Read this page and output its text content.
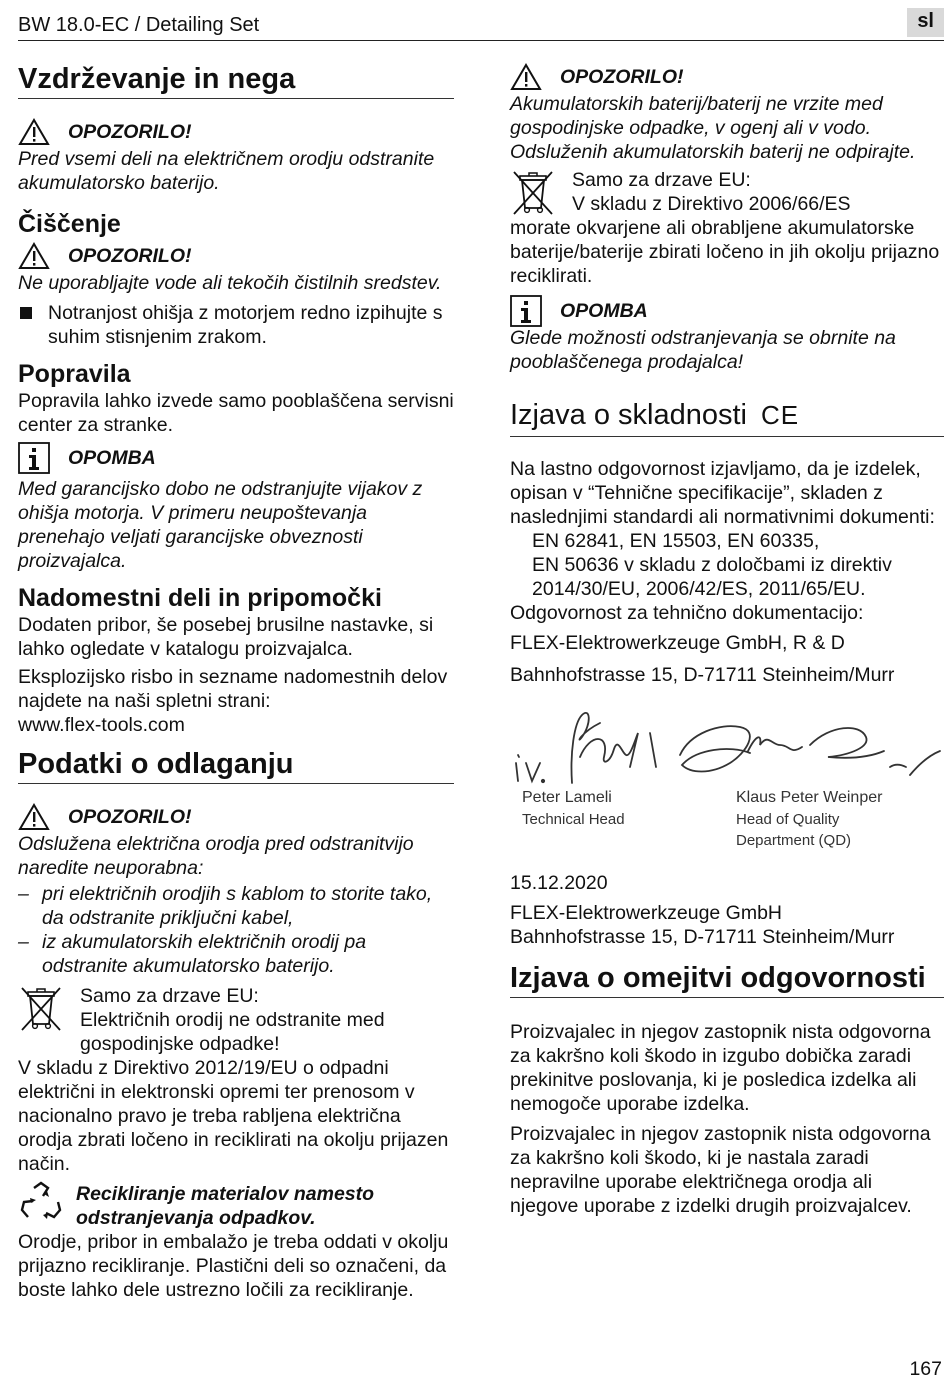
BW 18.0-EC / Detailing Set	sl
Vzdrževanje in nega
OPOZORILO!

Pred vsemi deli na električnem orodju odstranite akumulatorsko baterijo.

Čiščenje
OPOZORILO!

Ne uporabljajte vode ali tekočih čistilnih sredstev.

Notranjost ohišja z motorjem redno izpihujte s suhim stisnjenim zrakom.
Popravila

Popravila lahko izvede samo pooblaščena servisni center za stranke.

OPOMBA

Med garancijsko dobo ne odstranjujte vijakov z ohišja motorja. V primeru neupoštevanja prenehajo veljati garancijske obveznosti proizvajalca.

Nadomestni deli in pripomočki

Dodaten pribor, še posebej brusilne nastavke, si lahko ogledate v katalogu proizvajalca.

Eksplozijsko risbo in sezname nadomestnih delov najdete na naši spletni strani:

www.flex-tools.com

Podatki o odlaganju
OPOZORILO!

Odslužena električna orodja pred odstranitvijo naredite neuporabna:

– pri električnih orodjih s kablom to storite tako, da odstranite priključni kabel,
– iz akumulatorskih električnih orodij pa odstranite akumulatorsko baterijo.
Samo za drzave EU:
Električnih orodij ne odstranite med gospodinjske odpadke!

V skladu z Direktivo 2012/19/EU o odpadni električni in elektronski opremi ter prenosom v nacionalno pravo je treba rabljena električna orodja zbrati ločeno in reciklirati na okolju prijazen način.

Recikliranje materialov namesto odstranjevanja odpadkov.

Orodje, pribor in embalažo je treba oddati v okolju prijazno recikliranje. Plastični deli so označeni, da boste lahko dele ustrezno ločili za recikliranje.

OPOZORILO!

Akumulatorskih baterij/baterij ne vrzite med gospodinjske odpadke, v ogenj ali v vodo. Odsluženih akumulatorskih baterij ne odpirajte.

Samo za drzave EU:
V skladu z Direktivo 2006/66/ES

morate okvarjene ali obrabljene akumulatorske baterije/baterije zbirati ločeno in jih okolju prijazno reciklirati.

OPOMBA

Glede možnosti odstranjevanja se obrnite na pooblaščenega prodajalca!

Izjava o skladnosti CE

Na lastno odgovornost izjavljamo, da je izdelek, opisan v “Tehnične specifikacije”, skladen z naslednjimi standardi ali normativnimi dokumenti:

EN 62841, EN 15503, EN 60335,

EN 50636 v skladu z določbami iz direktiv 2014/30/EU, 2006/42/ES, 2011/65/EU.

Odgovornost za tehnično dokumentacijo:

FLEX-Elektrowerkzeuge GmbH, R & D

Bahnhofstrasse 15, D-71711 Steinheim/Murr

Peter Lameli
Technical Head
Klaus Peter Weinper
Head of Quality
Department (QD)

15.12.2020

FLEX-Elektrowerkzeuge GmbH

Bahnhofstrasse 15, D-71711 Steinheim/Murr

Izjava o omejitvi odgovornosti

Proizvajalec in njegov zastopnik nista odgovorna za kakršno koli škodo in izgubo dobička zaradi prekinitve poslovanja, ki je posledica izdelka ali nemogoče uporabe izdelka.

Proizvajalec in njegov zastopnik nista odgovorna za kakršno koli škodo, ki je nastala zaradi nepravilne uporabe električnega orodja ali njegove uporabe z izdelki drugih proizvajalcev.

167
